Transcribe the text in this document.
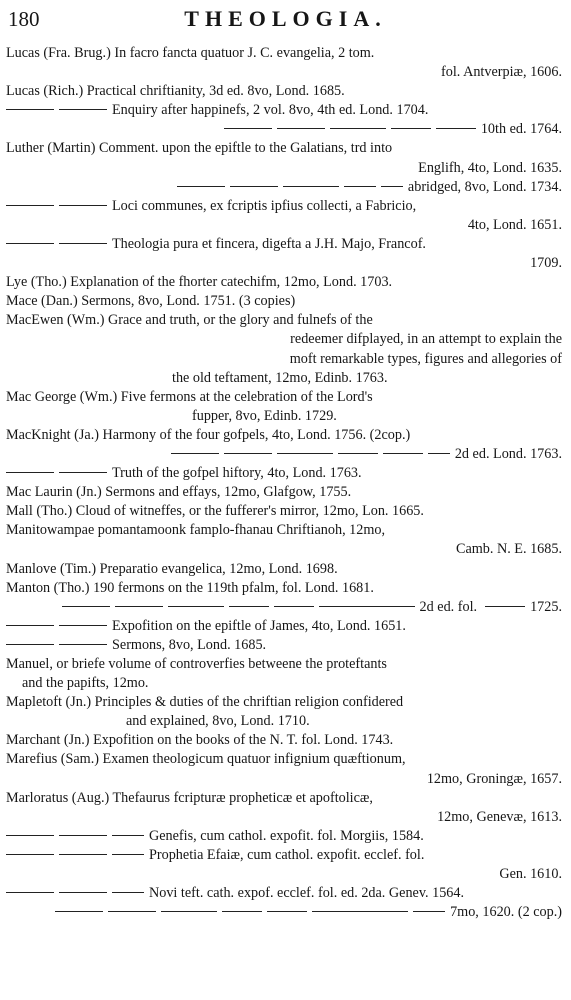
180	THEOLOGIA.
Lucas (Fra. Brug.) In facro fancta quatuor J. C. evangelia, 2 tom.
fol. Antverpiæ, 1606.
Lucas (Rich.) Practical chriftianity, 3d ed. 8vo, Lond. 1685.
Enquiry after happinefs, 2 vol. 8vo, 4th ed. Lond. 1704.
10th ed. 1764.
Luther (Martin) Comment. upon the epiftle to the Galatians, trd into
Englifh, 4to, Lond. 1635.
abridged, 8vo, Lond. 1734.
Loci communes, ex fcriptis ipfius collecti, a Fabricio,
4to, Lond. 1651.
Theologia pura et fincera, digefta a J.H. Majo, Francof.
1709.
Lye (Tho.) Explanation of the fhorter catechifm, 12mo, Lond. 1703.
Mace (Dan.) Sermons, 8vo, Lond. 1751. (3 copies)
MacEwen (Wm.) Grace and truth, or the glory and fulnefs of the
redeemer difplayed, in an attempt to explain the
moft remarkable types, figures and allegories of
the old teftament, 12mo, Edinb. 1763.
Mac George (Wm.) Five fermons at the celebration of the Lord's
fupper, 8vo, Edinb. 1729.
MacKnight (Ja.) Harmony of the four gofpels, 4to, Lond. 1756. (2cop.)
2d ed. Lond. 1763.
Truth of the gofpel hiftory, 4to, Lond. 1763.
Mac Laurin (Jn.) Sermons and effays, 12mo, Glafgow, 1755.
Mall (Tho.) Cloud of witneffes, or the fufferer's mirror, 12mo, Lon. 1665.
Manitowampae pomantamoonk famplo-fhanau Chriftianoh, 12mo,
Camb. N. E. 1685.
Manlove (Tim.) Preparatio evangelica, 12mo, Lond. 1698.
Manton (Tho.) 190 fermons on the 119th pfalm, fol. Lond. 1681.
2d ed. fol.	1725.
Expofition on the epiftle of James, 4to, Lond. 1651.
Sermons, 8vo, Lond. 1685.
Manuel, or briefe volume of controverfies betweene the proteftants
and the papifts, 12mo.
Mapletoft (Jn.) Principles & duties of the chriftian religion confidered
and explained, 8vo, Lond. 1710.
Marchant (Jn.) Expofition on the books of the N. T. fol. Lond. 1743.
Marefius (Sam.) Examen theologicum quatuor infignium quæftionum,
12mo, Groningæ, 1657.
Marloratus (Aug.) Thefaurus fcripturæ propheticæ et apoftolicæ,
12mo, Genevæ, 1613.
Genefis, cum cathol. expofit. fol. Morgiis, 1584.
Prophetia Efaiæ, cum cathol. expofit. ecclef. fol.
Gen. 1610.
Novi teft. cath. expof. ecclef. fol. ed. 2da. Genev. 1564.
7mo, 1620. (2 cop.)
